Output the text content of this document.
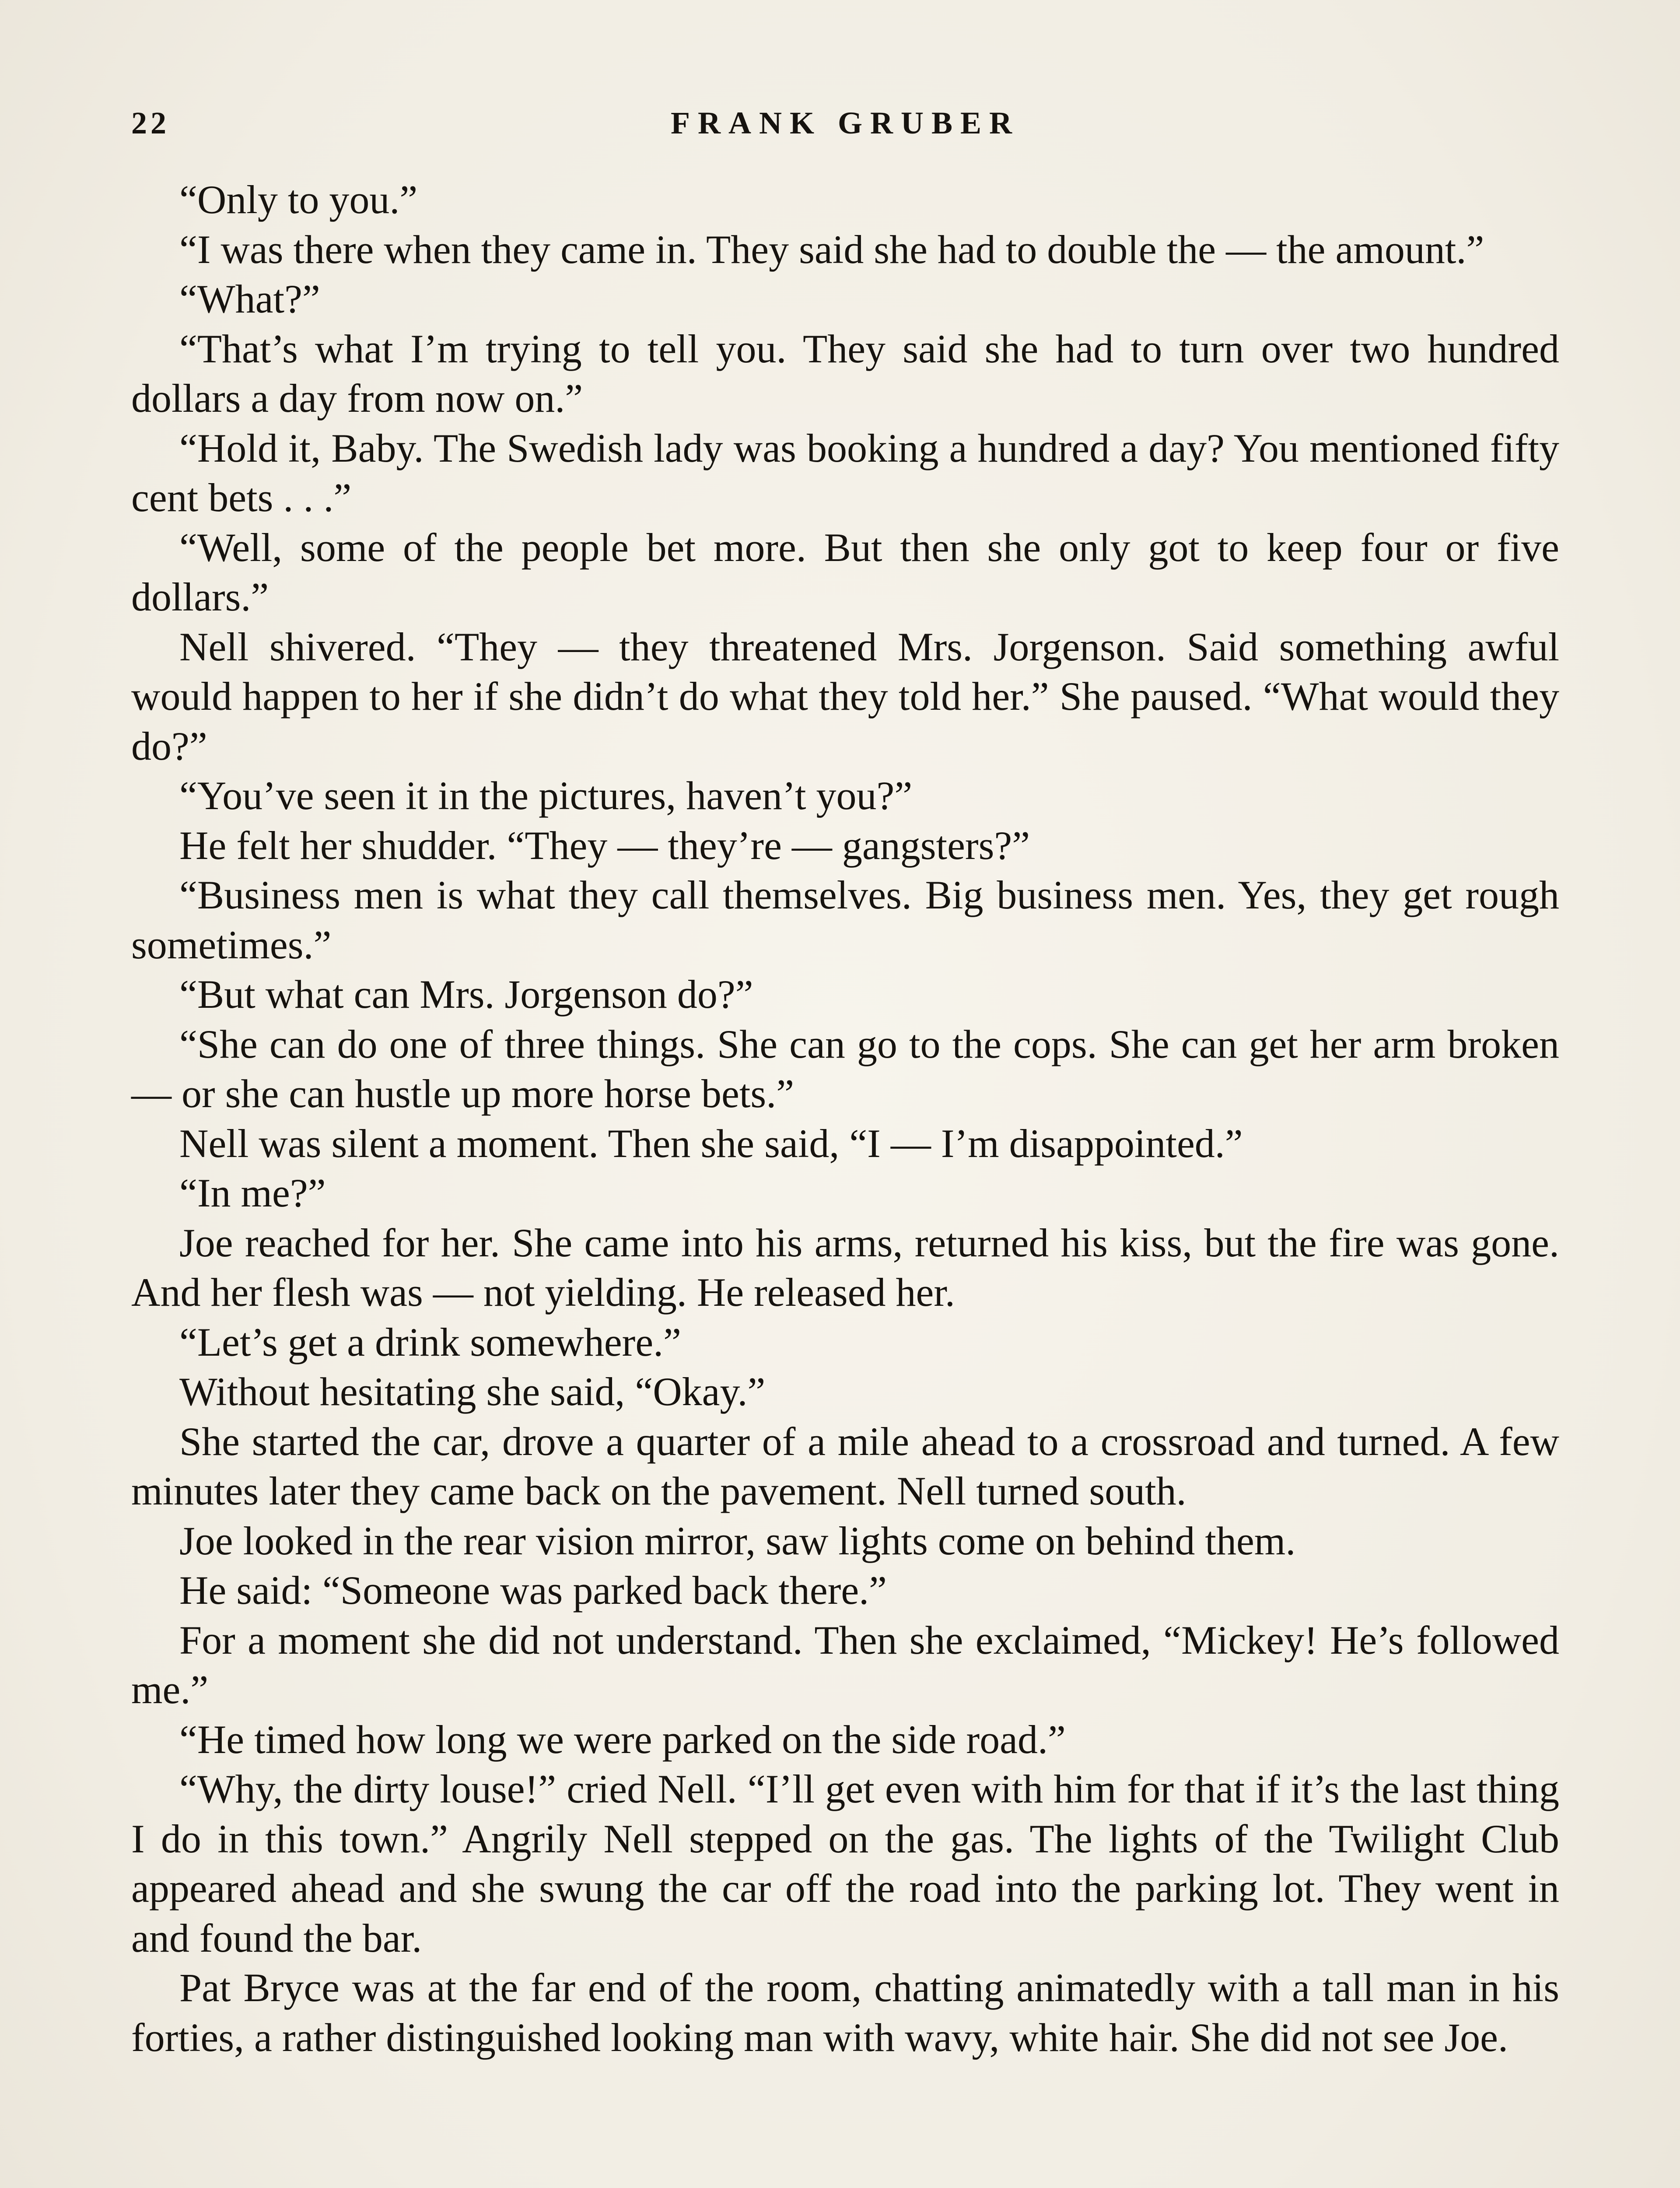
22	FRANK GRUBER

“Only to you.”

“I was there when they came in. They said she had to double the — the amount.”

“What?”

“That’s what I’m trying to tell you. They said she had to turn over two hundred dollars a day from now on.”

“Hold it, Baby. The Swedish lady was booking a hundred a day? You mentioned fifty cent bets . . .”

“Well, some of the people bet more. But then she only got to keep four or five dollars.”

Nell shivered. “They — they threatened Mrs. Jorgenson. Said something awful would happen to her if she didn’t do what they told her.” She paused. “What would they do?”

“You’ve seen it in the pictures, haven’t you?”

He felt her shudder. “They — they’re — gangsters?”

“Business men is what they call themselves. Big business men. Yes, they get rough sometimes.”

“But what can Mrs. Jorgenson do?”

“She can do one of three things. She can go to the cops. She can get her arm broken — or she can hustle up more horse bets.”

Nell was silent a moment. Then she said, “I — I’m disappointed.”

“In me?”

Joe reached for her. She came into his arms, returned his kiss, but the fire was gone. And her flesh was — not yielding. He released her.

“Let’s get a drink somewhere.”

Without hesitating she said, “Okay.”

She started the car, drove a quarter of a mile ahead to a crossroad and turned. A few minutes later they came back on the pavement. Nell turned south.

Joe looked in the rear vision mirror, saw lights come on behind them.

He said: “Someone was parked back there.”

For a moment she did not understand. Then she exclaimed, “Mickey! He’s followed me.”

“He timed how long we were parked on the side road.”

“Why, the dirty louse!” cried Nell. “I’ll get even with him for that if it’s the last thing I do in this town.” Angrily Nell stepped on the gas. The lights of the Twilight Club appeared ahead and she swung the car off the road into the parking lot. They went in and found the bar.

Pat Bryce was at the far end of the room, chatting animatedly with a tall man in his forties, a rather distinguished looking man with wavy, white hair. She did not see Joe.
